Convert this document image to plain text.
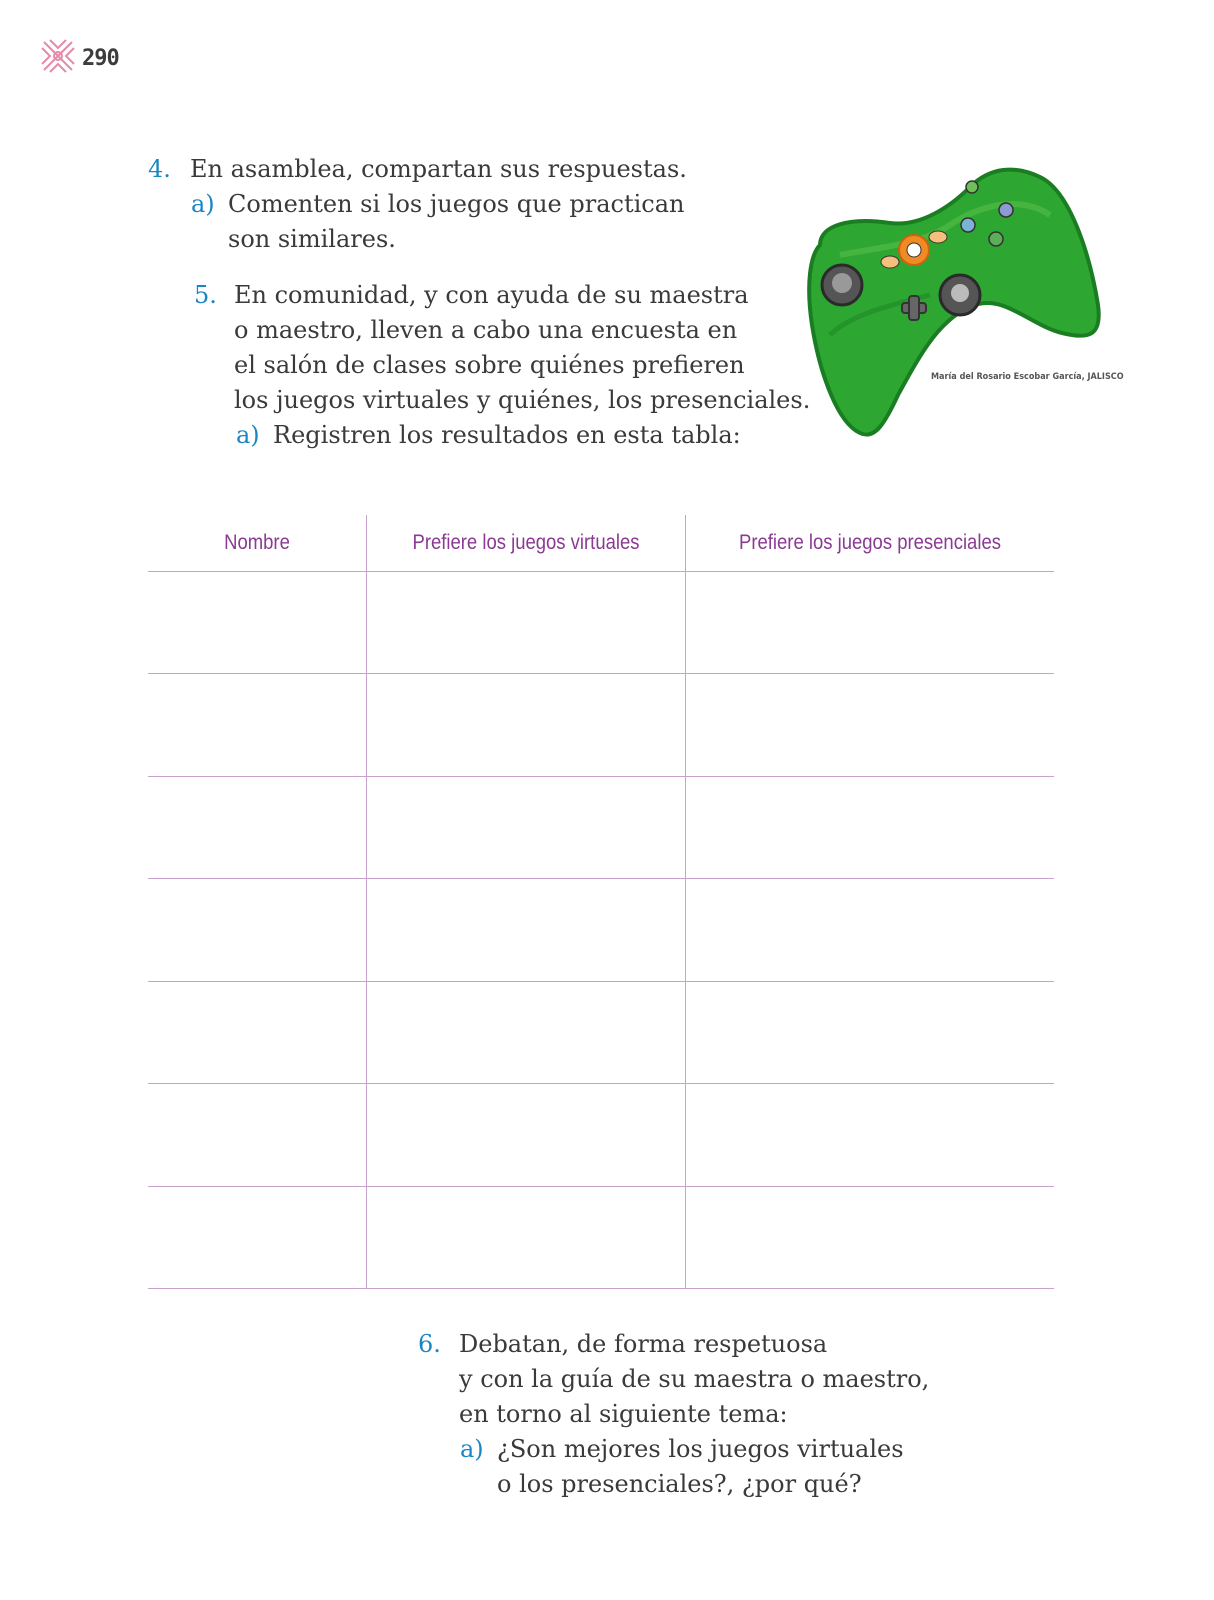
290
4. En asamblea, compartan sus respuestas.
a) Comenten si los juegos que practican
son similares.
5. En comunidad, y con ayuda de su maestra
o maestro, lleven a cabo una encuesta en
el salón de clases sobre quiénes prefieren
los juegos virtuales y quiénes, los presenciales.
a) Registren los resultados en esta tabla:
María del Rosario Escobar García, JALISCO
Nombre	Prefiere los juegos virtuales	Prefiere los juegos presenciales
6. Debatan, de forma respetuosa
y con la guía de su maestra o maestro,
en torno al siguiente tema:
a) ¿Son mejores los juegos virtuales
o los presenciales?, ¿por qué?
